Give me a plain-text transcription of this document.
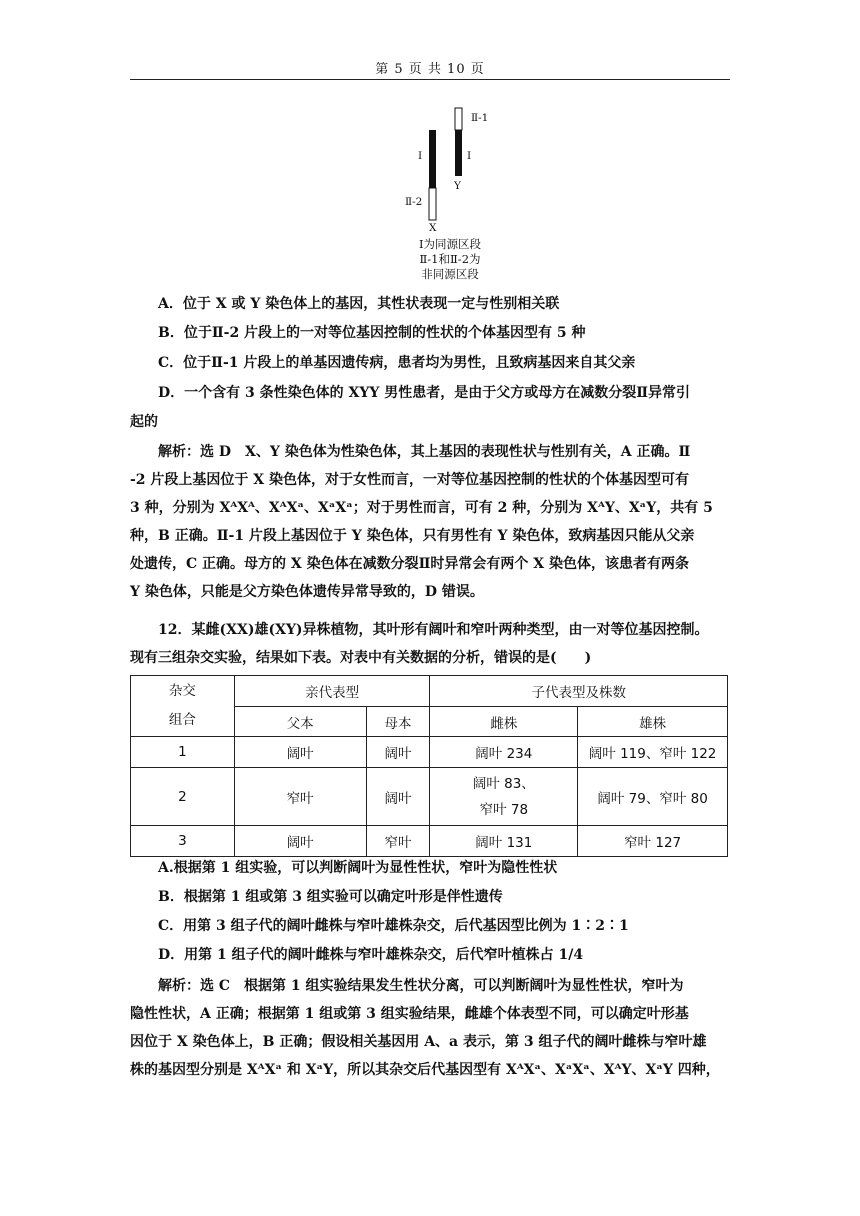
第 5 页 共 10 页
Ⅱ-1
Ⅰ	Ⅰ
Y
Ⅱ-2
X
Ⅰ为同源区段
Ⅱ-1和Ⅱ-2为
非同源区段
A．位于 X 或 Y 染色体上的基因，其性状表现一定与性别相关联
B．位于Ⅱ-2 片段上的一对等位基因控制的性状的个体基因型有 5 种
C．位于Ⅱ-1 片段上的单基因遗传病，患者均为男性，且致病基因来自其父亲
D．一个含有 3 条性染色体的 XYY 男性患者，是由于父方或母方在减数分裂Ⅱ异常引
起的
解析：选 D　X、Y 染色体为性染色体，其上基因的表现性状与性别有关，A 正确。Ⅱ
-2 片段上基因位于 X 染色体，对于女性而言，一对等位基因控制的性状的个体基因型可有
3 种，分别为 XᴬXᴬ、XᴬXᵃ、XᵃXᵃ；对于男性而言，可有 2 种，分别为 XᴬY、XᵃY，共有 5
种，B 正确。Ⅱ-1 片段上基因位于 Y 染色体，只有男性有 Y 染色体，致病基因只能从父亲
处遗传，C 正确。母方的 X 染色体在减数分裂Ⅱ时异常会有两个 X 染色体，该患者有两条
Y 染色体，只能是父方染色体遗传异常导致的，D 错误。
12．某雌(XX)雄(XY)异株植物，其叶形有阔叶和窄叶两种类型，由一对等位基因控制。
现有三组杂交实验，结果如下表。对表中有关数据的分析，错误的是(　　)
杂交
组合	亲代表型		子代表型及株数	
	父本	母本	雌株	雄株
1	阔叶	阔叶	阔叶 234	阔叶 119、窄叶 122
2	窄叶	阔叶	阔叶 83、
窄叶 78	阔叶 79、窄叶 80
3	阔叶	窄叶	阔叶 131	窄叶 127
A.根据第 1 组实验，可以判断阔叶为显性性状，窄叶为隐性性状
B．根据第 1 组或第 3 组实验可以确定叶形是伴性遗传
C．用第 3 组子代的阔叶雌株与窄叶雄株杂交，后代基因型比例为 1∶2∶1
D．用第 1 组子代的阔叶雌株与窄叶雄株杂交，后代窄叶植株占 1/4
解析：选 C　根据第 1 组实验结果发生性状分离，可以判断阔叶为显性性状，窄叶为
隐性性状，A 正确；根据第 1 组或第 3 组实验结果，雌雄个体表型不同，可以确定叶形基
因位于 X 染色体上，B 正确；假设相关基因用 A、a 表示，第 3 组子代的阔叶雌株与窄叶雄
株的基因型分别是 XᴬXᵃ 和 XᵃY，所以其杂交后代基因型有 XᴬXᵃ、XᵃXᵃ、XᴬY、XᵃY 四种，
